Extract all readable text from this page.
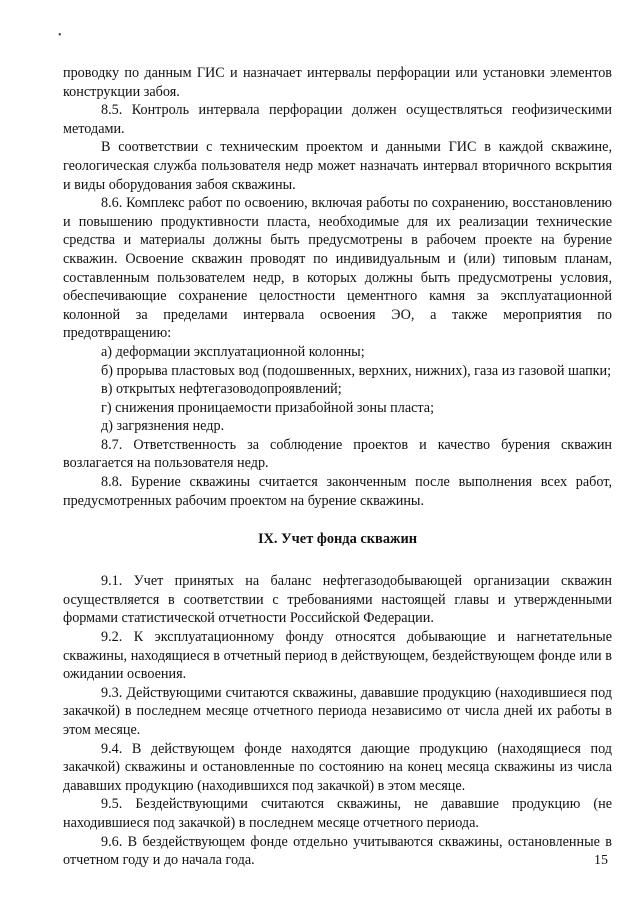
•

проводку по данным ГИС и назначает интервалы перфорации или установки элементов конструкции забоя.

8.5. Контроль интервала перфорации должен осуществляться геофизическими методами.

В соответствии с техническим проектом и данными ГИС в каждой скважине, геологическая служба пользователя недр может назначать интервал вторичного вскрытия и виды оборудования забоя скважины.

8.6. Комплекс работ по освоению, включая работы по сохранению, восстановлению и повышению продуктивности пласта, необходимые для их реализации технические средства и материалы должны быть предусмотрены в рабочем проекте на бурение скважин. Освоение скважин проводят по индивидуальным и (или) типовым планам, составленным пользователем недр, в которых должны быть предусмотрены условия, обеспечивающие сохранение целостности цементного камня за эксплуатационной колонной за пределами интервала освоения ЭО, а также мероприятия по предотвращению:

а) деформации эксплуатационной колонны;

б) прорыва пластовых вод (подошвенных, верхних, нижних), газа из газовой шапки;

в) открытых нефтегазоводопроявлений;

г) снижения проницаемости призабойной зоны пласта;

д) загрязнения недр.

8.7. Ответственность за соблюдение проектов и качество бурения скважин возлагается на пользователя недр.

8.8. Бурение скважины считается законченным после выполнения всех работ, предусмотренных рабочим проектом на бурение скважины.

IX. Учет фонда скважин

9.1. Учет принятых на баланс нефтегазодобывающей организации скважин осуществляется в соответствии с требованиями настоящей главы и утвержденными формами статистической отчетности Российской Федерации.

9.2. К эксплуатационному фонду относятся добывающие и нагнетательные скважины, находящиеся в отчетный период в действующем, бездействующем фонде или в ожидании освоения.

9.3. Действующими считаются скважины, дававшие продукцию (находившиеся под закачкой) в последнем месяце отчетного периода независимо от числа дней их работы в этом месяце.

9.4. В действующем фонде находятся дающие продукцию (находящиеся под закачкой) скважины и остановленные по состоянию на конец месяца скважины из числа дававших продукцию (находившихся под закачкой) в этом месяце.

9.5. Бездействующими считаются скважины, не дававшие продукцию (не находившиеся под закачкой) в последнем месяце отчетного периода.

9.6. В бездействующем фонде отдельно учитываются скважины, остановленные в отчетном году и до начала года.	15
